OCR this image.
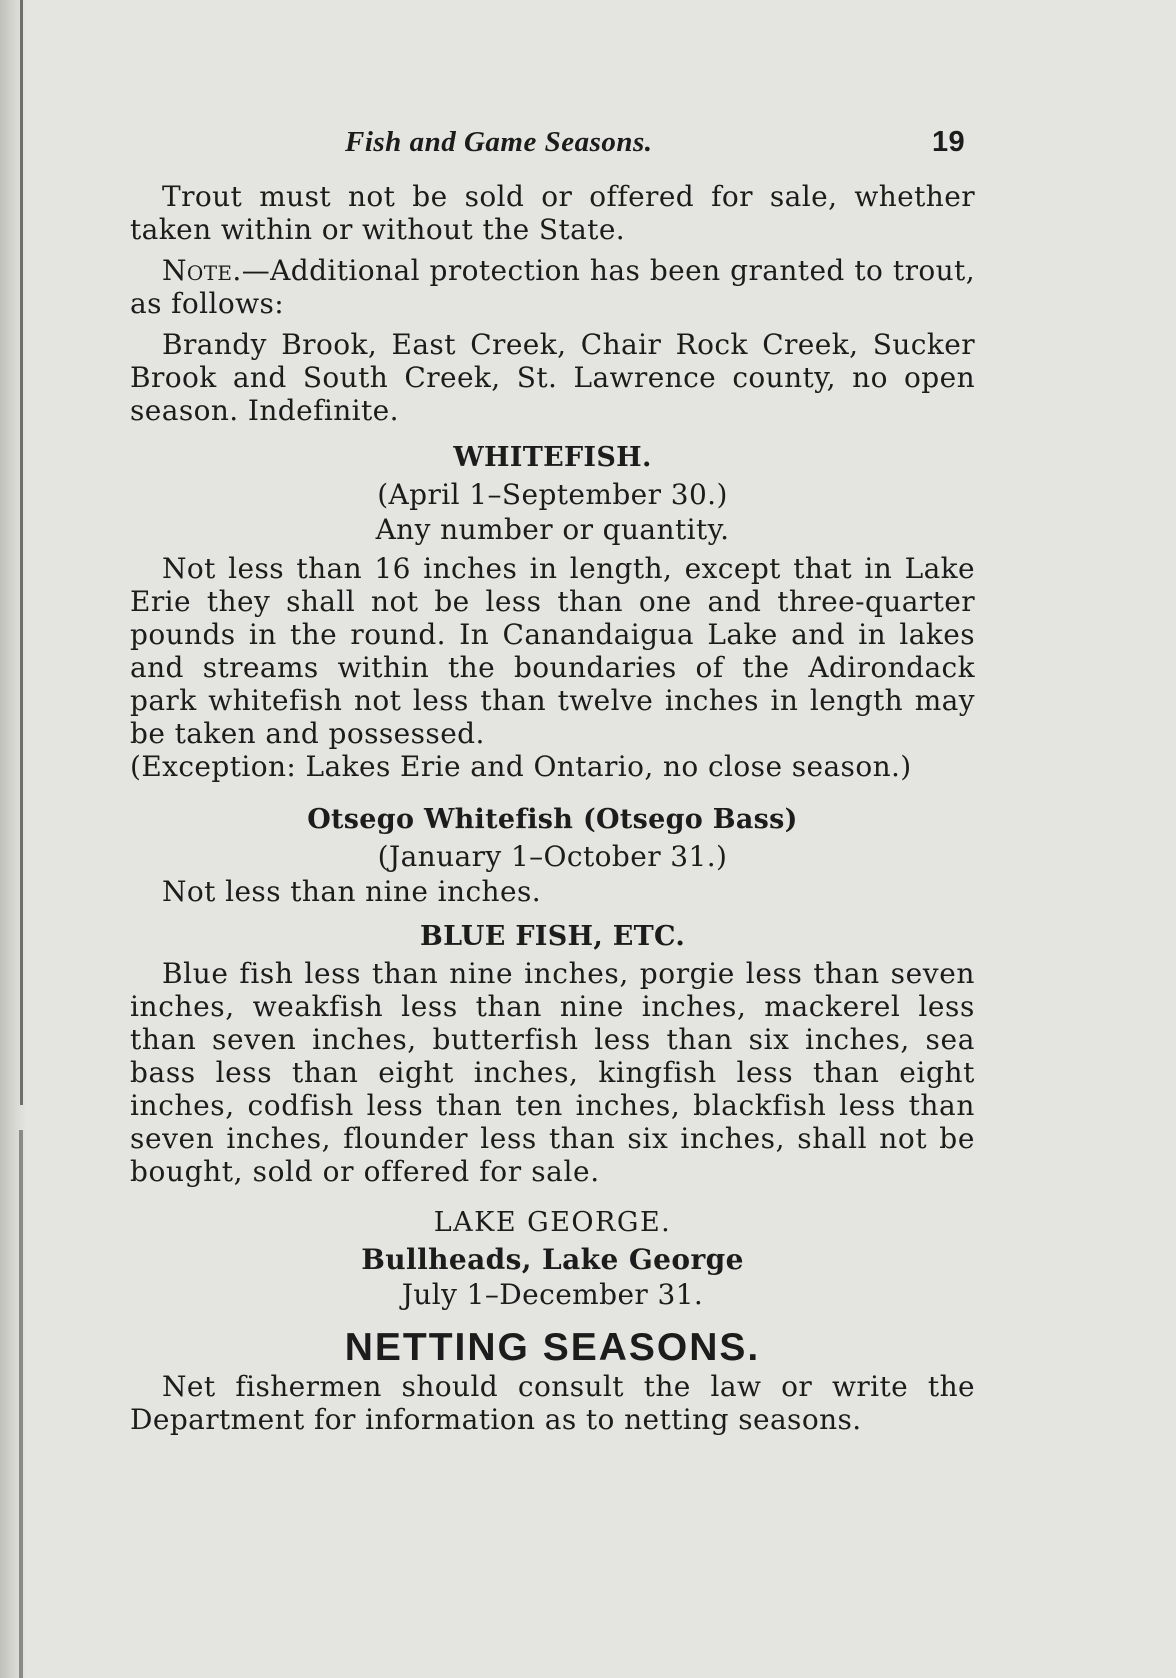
Fish and Game Seasons.	19

Trout must not be sold or offered for sale, whether taken within or without the State.

Note.—Additional protection has been granted to trout, as follows:

Brandy Brook, East Creek, Chair Rock Creek, Sucker Brook and South Creek, St. Lawrence county, no open season. Indefinite.

WHITEFISH.
(April 1–September 30.)
Any number or quantity.

Not less than 16 inches in length, except that in Lake Erie they shall not be less than one and three-quarter pounds in the round. In Canandaigua Lake and in lakes and streams within the boundaries of the Adirondack park whitefish not less than twelve inches in length may be taken and possessed.

(Exception: Lakes Erie and Ontario, no close season.)

Otsego Whitefish (Otsego Bass)
(January 1–October 31.)

Not less than nine inches.

BLUE FISH, ETC.

Blue fish less than nine inches, porgie less than seven inches, weakfish less than nine inches, mackerel less than seven inches, butterfish less than six inches, sea bass less than eight inches, kingfish less than eight inches, codfish less than ten inches, blackfish less than seven inches, flounder less than six inches, shall not be bought, sold or offered for sale.

LAKE GEORGE.
Bullheads, Lake George
July 1–December 31.
NETTING SEASONS.

Net fishermen should consult the law or write the Department for information as to netting seasons.
